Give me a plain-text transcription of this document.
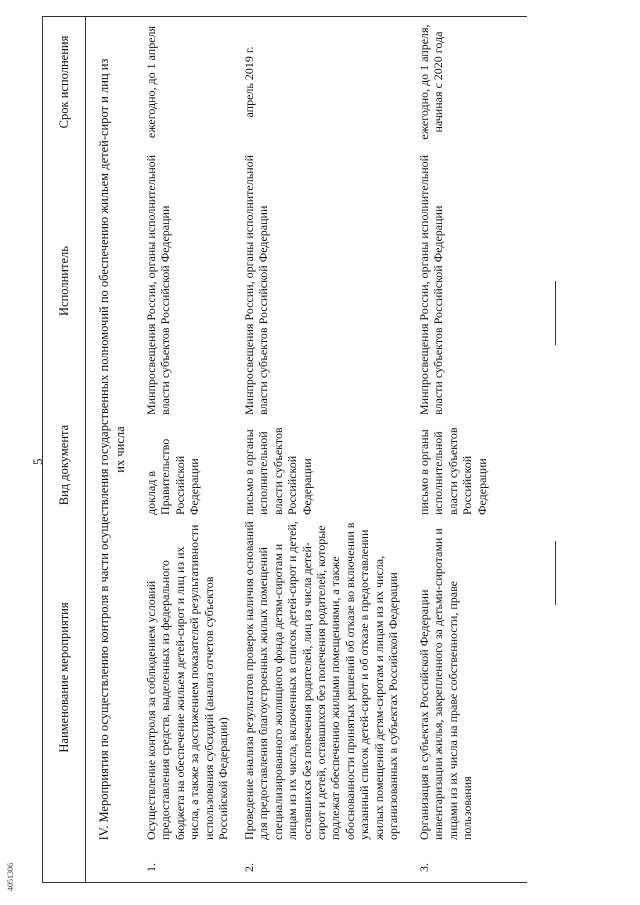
4051306
5
Наименование мероприятия
Вид документа
Исполнитель
Срок исполнения	IV. Мероприятия по осуществлению контроля в части осуществления государственных полномочий по обеспечению жильем детей-сирот и лиц из их числа
1.
Осуществление контроля за соблюдением условий предоставления средств, выделенных из федерального бюджета на обеспечение жильем детей-сирот и лиц из их числа, а также за достижением показателей результативности использования субсидий (анализ отчетов субъектов Российской Федерации)
доклад в Правительство Российской Федерации
Минпросвещения России, органы исполнительной власти субъектов Российской Федерации
ежегодно, до 1 апреля
2.
Проведение анализа результатов проверок наличия оснований для предоставления благоустроенных жилых помещений специализированного жилищного фонда детям-сиротам и лицам из их числа, включенных в список детей-сирот и детей, оставшихся без попечения родителей, лиц из числа детей-сирот и детей, оставшихся без попечения родителей, которые подлежат обеспечению жилыми помещениями, а также обоснованности принятых решений об отказе во включении в указанный список детей-сирот и об отказе в предоставлении жилых помещений детям-сиротам и лицам из их числа, организованных в субъектах Российской Федерации
письмо в органы исполнительной власти субъектов Российской Федерации
Минпросвещения России, органы исполнительной власти субъектов Российской Федерации
апрель 2019 г.
3.
Организация в субъектах Российской Федерации инвентаризации жилья, закрепленного за детьми-сиротами и лицами из их числа на праве собственности, праве пользования
письмо в органы исполнительной власти субъектов Российской Федерации
Минпросвещения России, органы исполнительной власти субъектов Российской Федерации
ежегодно, до 1 апреля, начиная с 2020 года
